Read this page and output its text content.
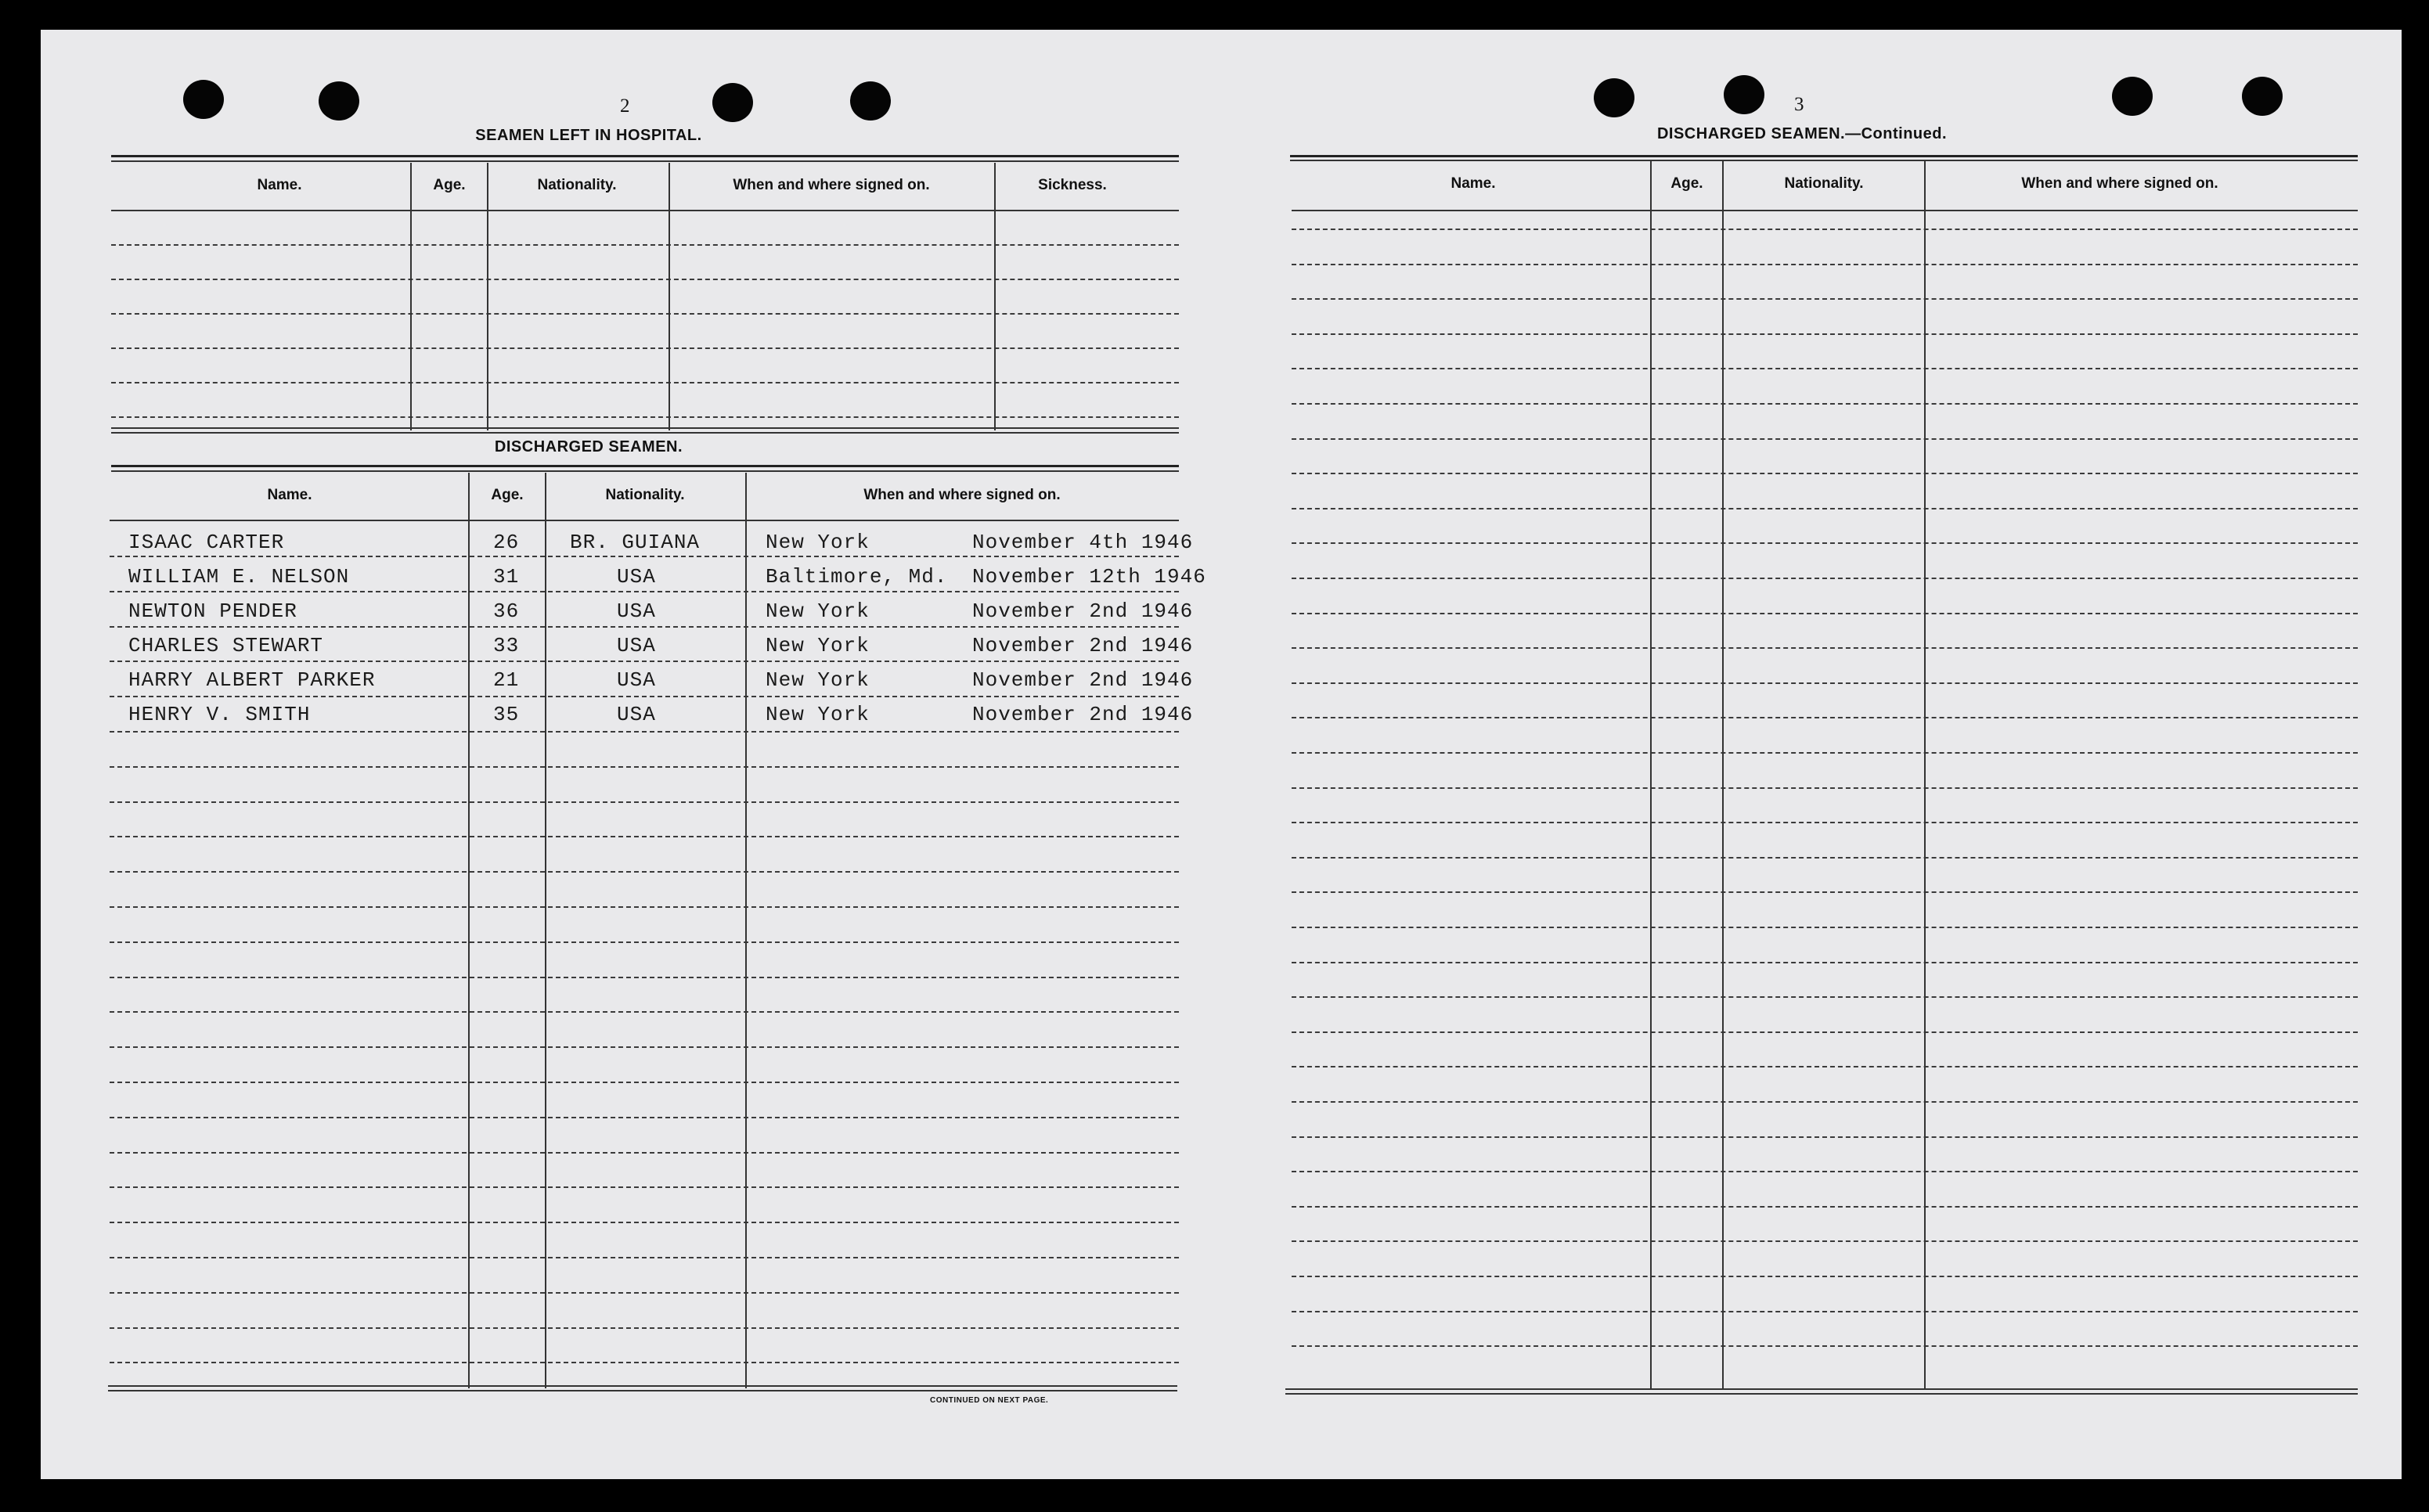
2
SEAMEN LEFT IN HOSPITAL.
Name.	Age.	Nationality.	When and where signed on.	Sickness.
DISCHARGED SEAMEN.
Name.	Age.	Nationality.	When and where signed on.
ISAAC CARTER	26 BR. GUIANA	New York	November 4th 1946
WILLIAM E. NELSON	31	USA	Baltimore, Md. November 12th 1946
NEWTON PENDER	36	USA	New York	November 2nd 1946
CHARLES STEWART	33	USA	New York	November 2nd 1946
HARRY ALBERT PARKER	21	USA	New York	November 2nd 1946
HENRY V. SMITH	35	USA	New York	November 2nd 1946
CONTINUED ON NEXT PAGE.
3
DISCHARGED SEAMEN.—Continued.
Name.	Age.	Nationality.	When and where signed on.
